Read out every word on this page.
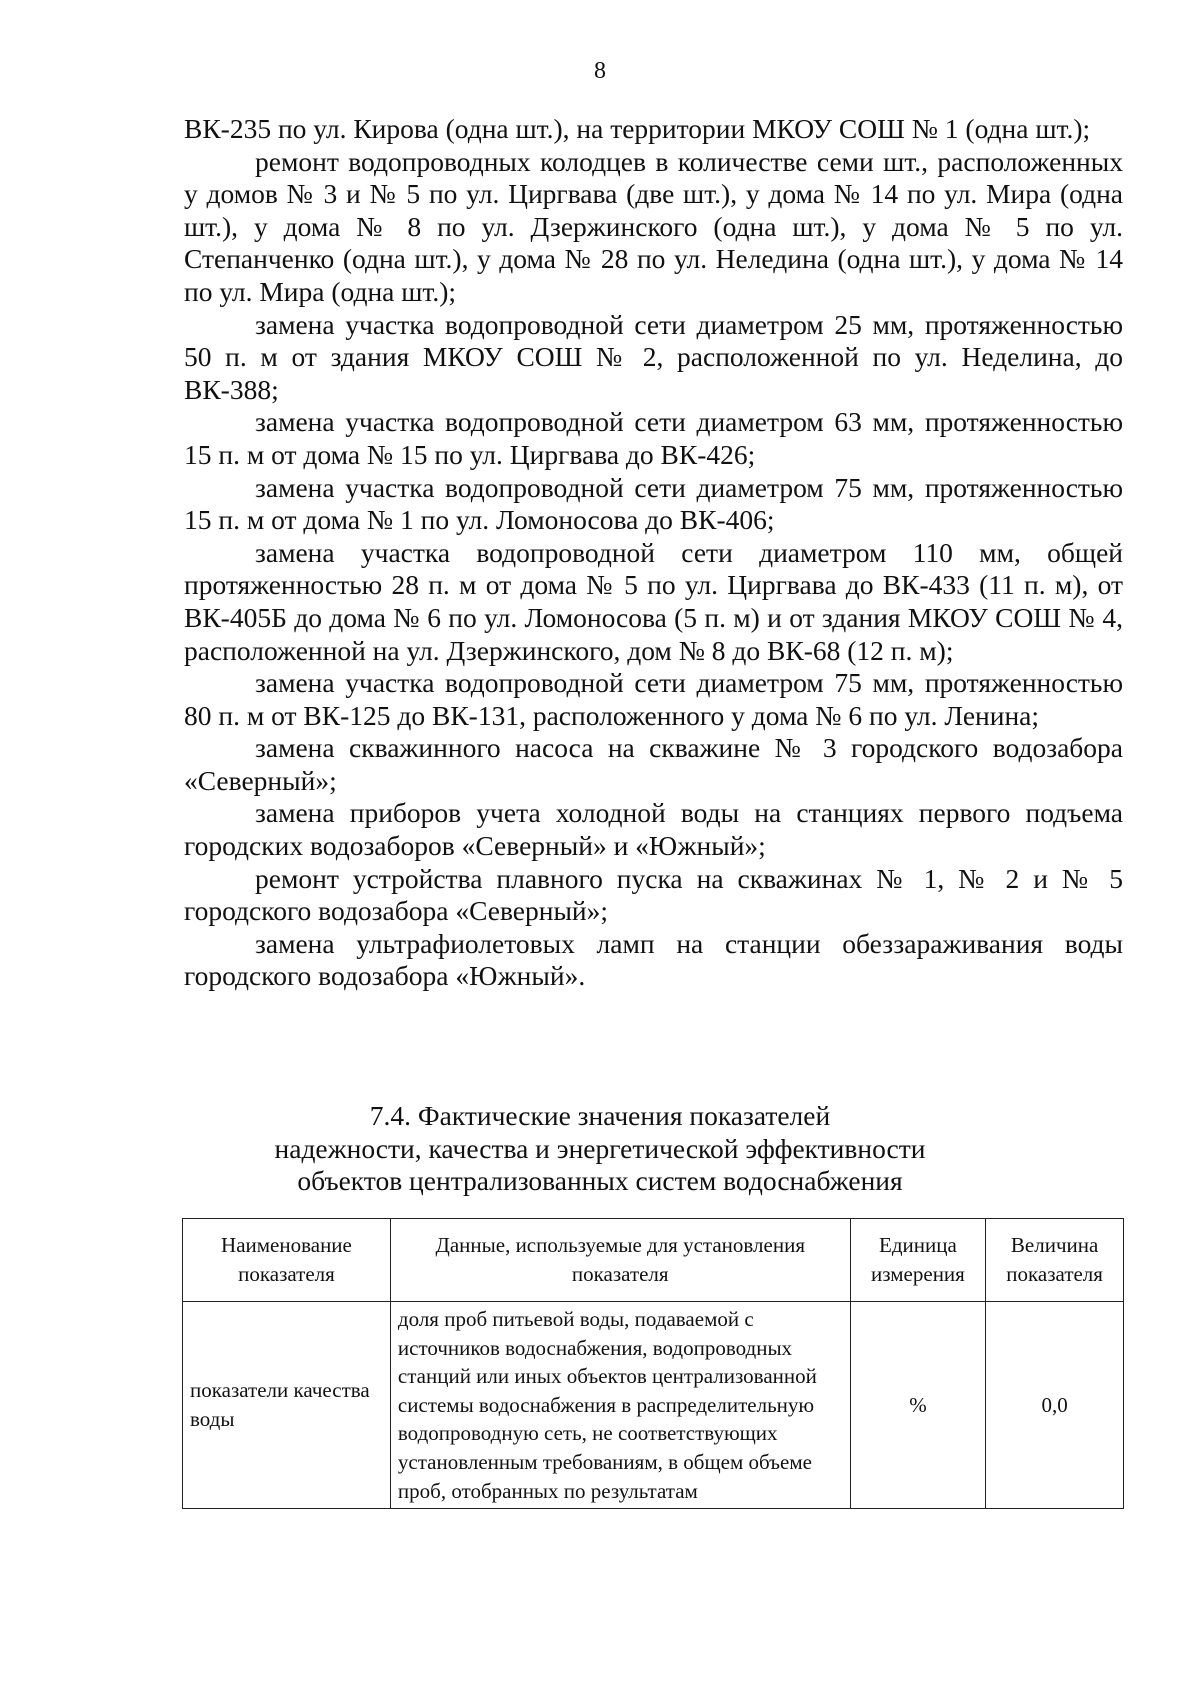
8

ВК-235 по ул. Кирова (одна шт.), на территории МКОУ СОШ № 1 (одна шт.);

ремонт водопроводных колодцев в количестве семи шт., расположенных у домов № 3 и № 5 по ул. Циргвава (две шт.), у дома № 14 по ул. Мира (одна шт.), у дома № 8 по ул. Дзержинского (одна шт.), у дома № 5 по ул. Степанченко (одна шт.), у дома № 28 по ул. Неледина (одна шт.), у дома № 14 по ул. Мира (одна шт.);

замена участка водопроводной сети диаметром 25 мм, протяженностью 50 п. м от здания МКОУ СОШ № 2, расположенной по ул. Неделина, до ВК-388;

замена участка водопроводной сети диаметром 63 мм, протяженностью 15 п. м от дома № 15 по ул. Циргвава до ВК-426;

замена участка водопроводной сети диаметром 75 мм, протяженностью 15 п. м от дома № 1 по ул. Ломоносова до ВК-406;

замена участка водопроводной сети диаметром 110 мм, общей протяженностью 28 п. м от дома № 5 по ул. Циргвава до ВК-433 (11 п. м), от ВК-405Б до дома № 6 по ул. Ломоносова (5 п. м) и от здания МКОУ СОШ № 4, расположенной на ул. Дзержинского, дом № 8 до ВК-68 (12 п. м);

замена участка водопроводной сети диаметром 75 мм, протяженностью 80 п. м от ВК-125 до ВК-131, расположенного у дома № 6 по ул. Ленина;

замена скважинного насоса на скважине № 3 городского водозабора «Северный»;

замена приборов учета холодной воды на станциях первого подъема городских водозаборов «Северный» и «Южный»;

ремонт устройства плавного пуска на скважинах № 1, № 2 и № 5 городского водозабора «Северный»;

замена ультрафиолетовых ламп на станции обеззараживания воды городского водозабора «Южный».

7.4. Фактические значения показателей
надежности, качества и энергетической эффективности
объектов централизованных систем водоснабжения
Наименование показателя	Данные, используемые для установления показателя	Единица измерения	Величина показателя
показатели качества воды	доля проб питьевой воды, подаваемой с источников водоснабжения, водопроводных станций или иных объектов централизованной системы водоснабжения в распределительную водопроводную сеть, не соответствующих установленным требованиям, в общем объеме проб, отобранных по результатам	%	0,0
